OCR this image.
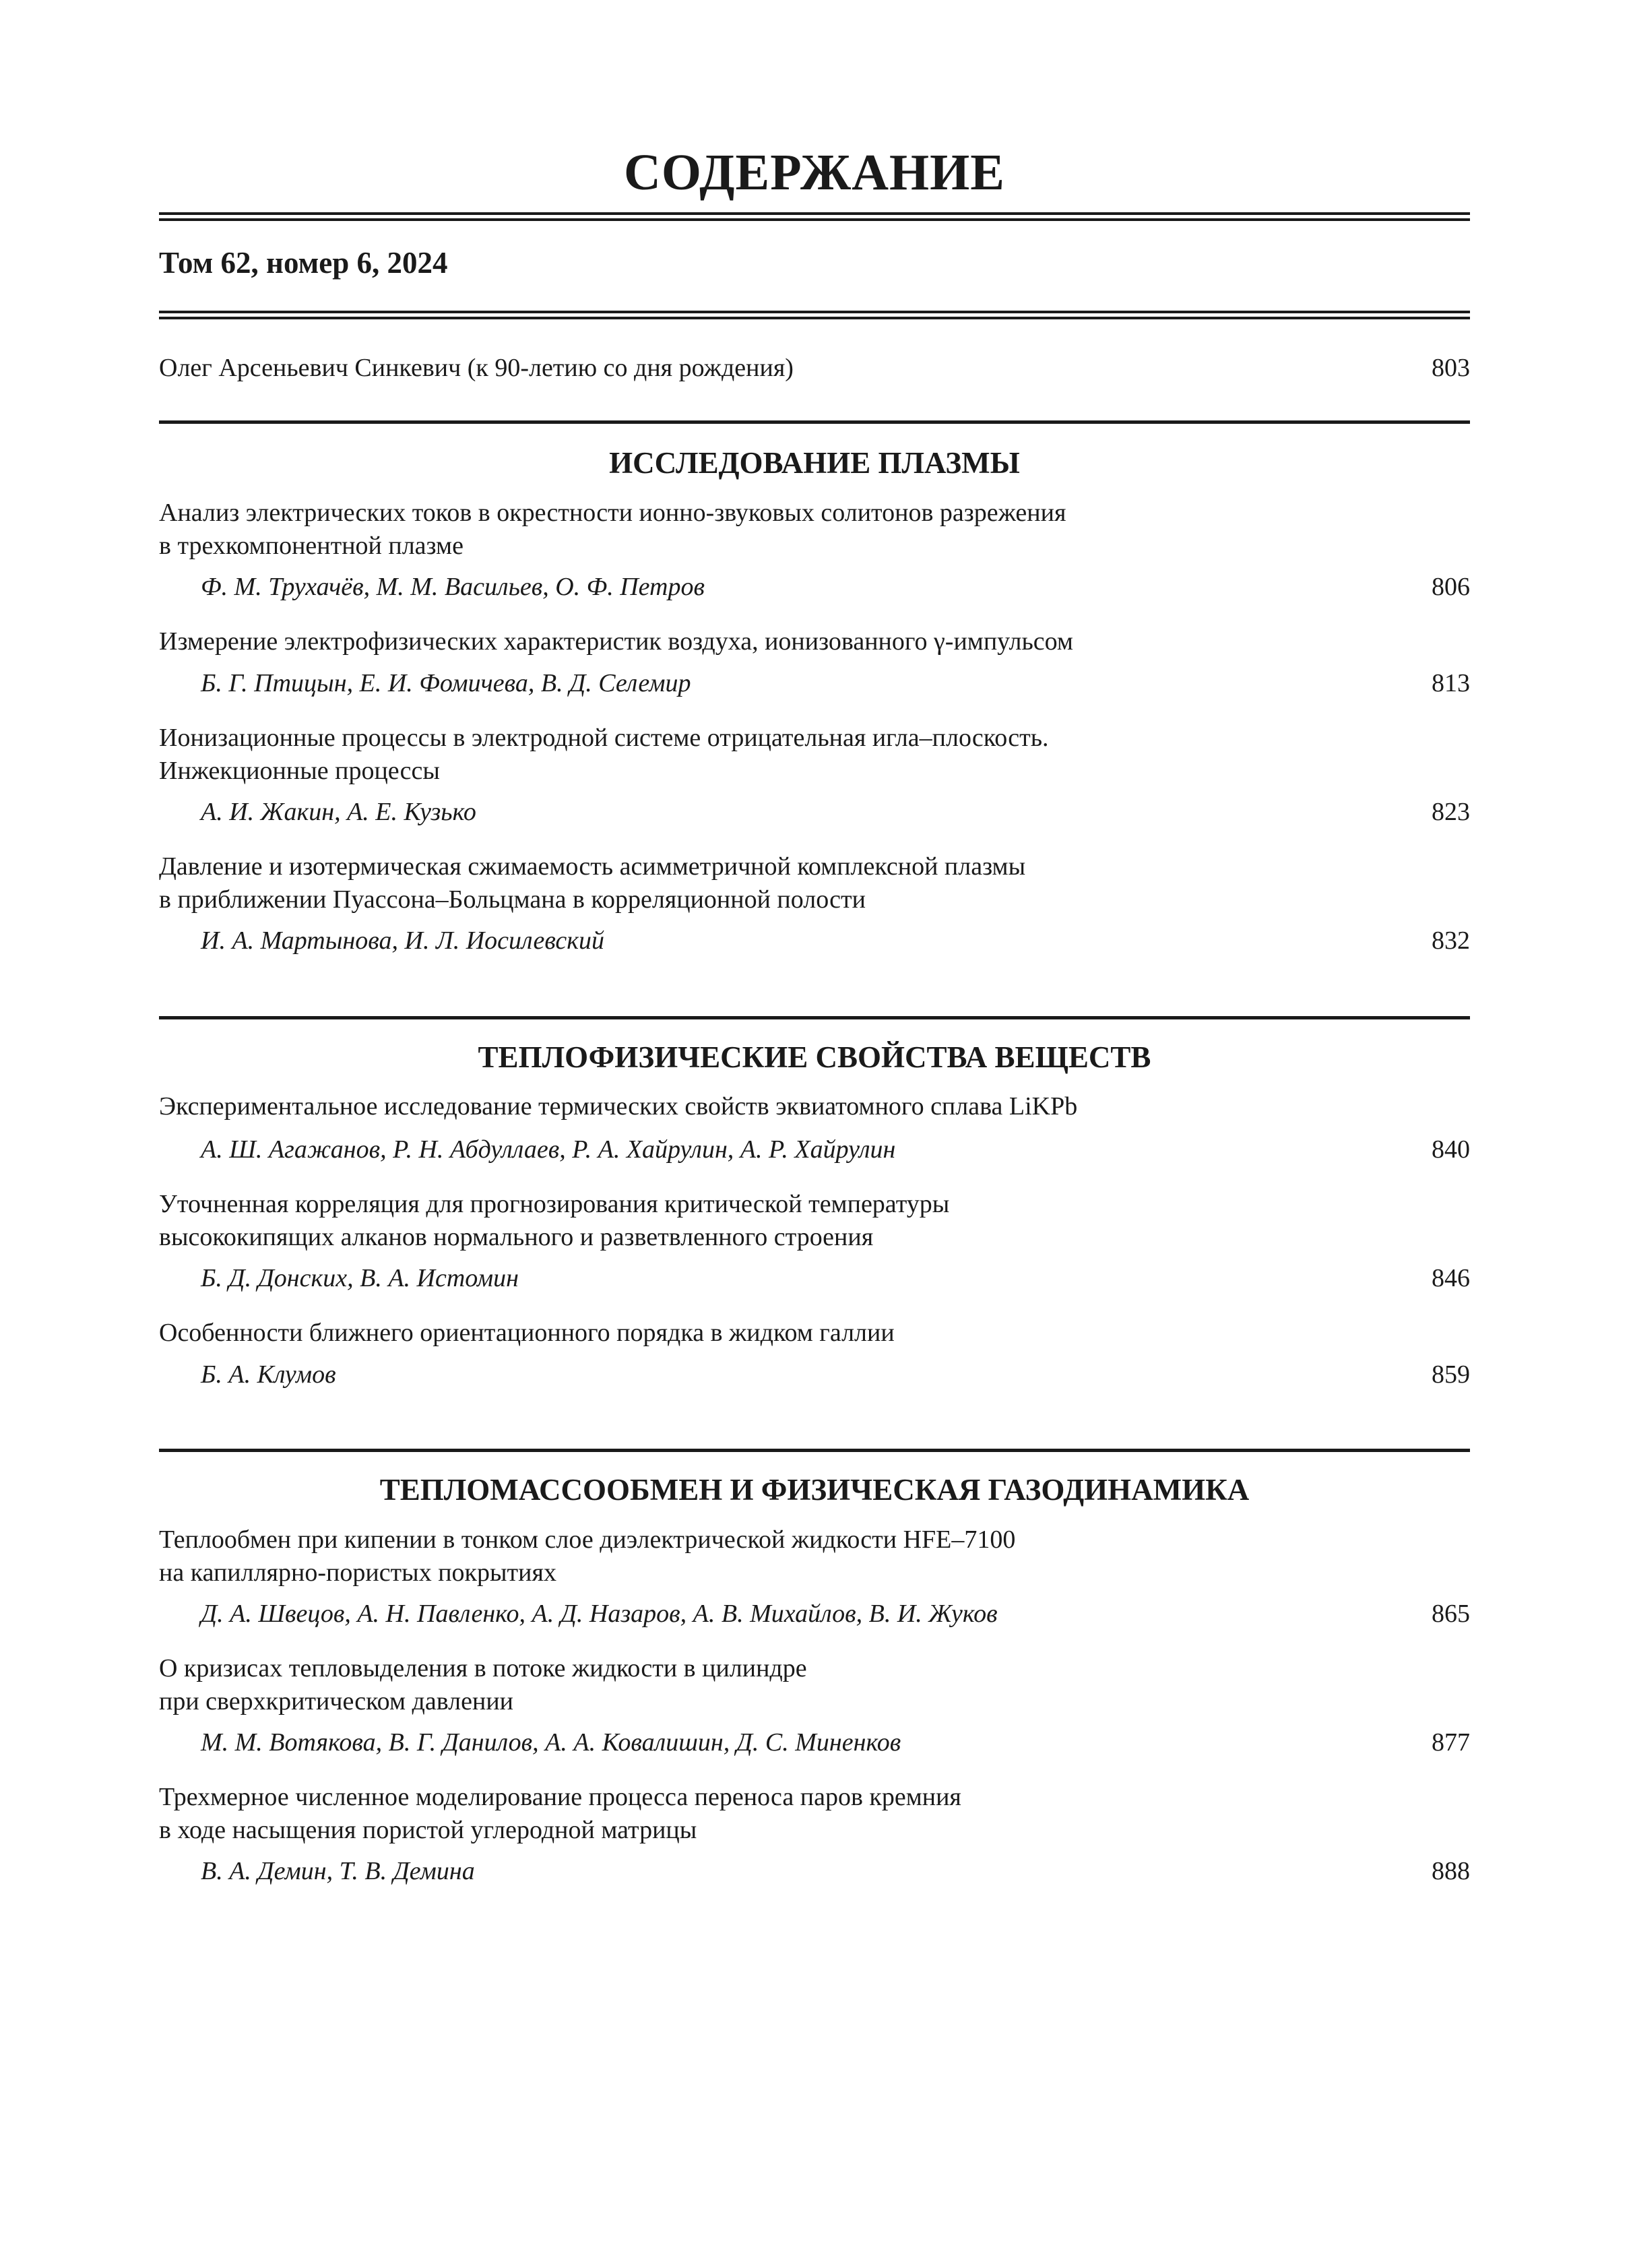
СОДЕРЖАНИЕ
Том 62, номер 6, 2024
Олег Арсеньевич Синкевич (к 90-летию со дня рождения)	803
ИССЛЕДОВАНИЕ ПЛАЗМЫ
Анализ электрических токов в окрестности ионно-звуковых солитонов разрежения
в трехкомпонентной плазме
Ф. М. Трухачёв, М. М. Васильев, О. Ф. Петров	806
Измерение электрофизических характеристик воздуха, ионизованного γ-импульсом
Б. Г. Птицын, Е. И. Фомичева, В. Д. Селемир	813
Ионизационные процессы в электродной системе отрицательная игла–плоскость.
Инжекционные процессы
А. И. Жакин, А. Е. Кузько	823
Давление и изотермическая сжимаемость асимметричной комплексной плазмы
в приближении Пуассона–Больцмана в корреляционной полости
И. А. Мартынова, И. Л. Иосилевский	832
ТЕПЛОФИЗИЧЕСКИЕ СВОЙСТВА ВЕЩЕСТВ
Экспериментальное исследование термических свойств эквиатомного сплава LiKPb
А. Ш. Агажанов, Р. Н. Абдуллаев, Р. А. Хайрулин, А. Р. Хайрулин	840
Уточненная корреляция для прогнозирования критической температуры
высококипящих алканов нормального и разветвленного строения
Б. Д. Донских, В. А. Истомин	846
Особенности ближнего ориентационного порядка в жидком галлии
Б. А. Клумов	859
ТЕПЛОМАССООБМЕН И ФИЗИЧЕСКАЯ ГАЗОДИНАМИКА
Теплообмен при кипении в тонком слое диэлектрической жидкости HFE–7100
на капиллярно-пористых покрытиях
Д. А. Швецов, А. Н. Павленко, А. Д. Назаров, А. В. Михайлов, В. И. Жуков	865
О кризисах тепловыделения в потоке жидкости в цилиндре
при сверхкритическом давлении
М. М. Вотякова, В. Г. Данилов, А. А. Ковалишин, Д. С. Миненков	877
Трехмерное численное моделирование процесса переноса паров кремния
в ходе насыщения пористой углеродной матрицы
В. А. Демин, Т. В. Демина	888
